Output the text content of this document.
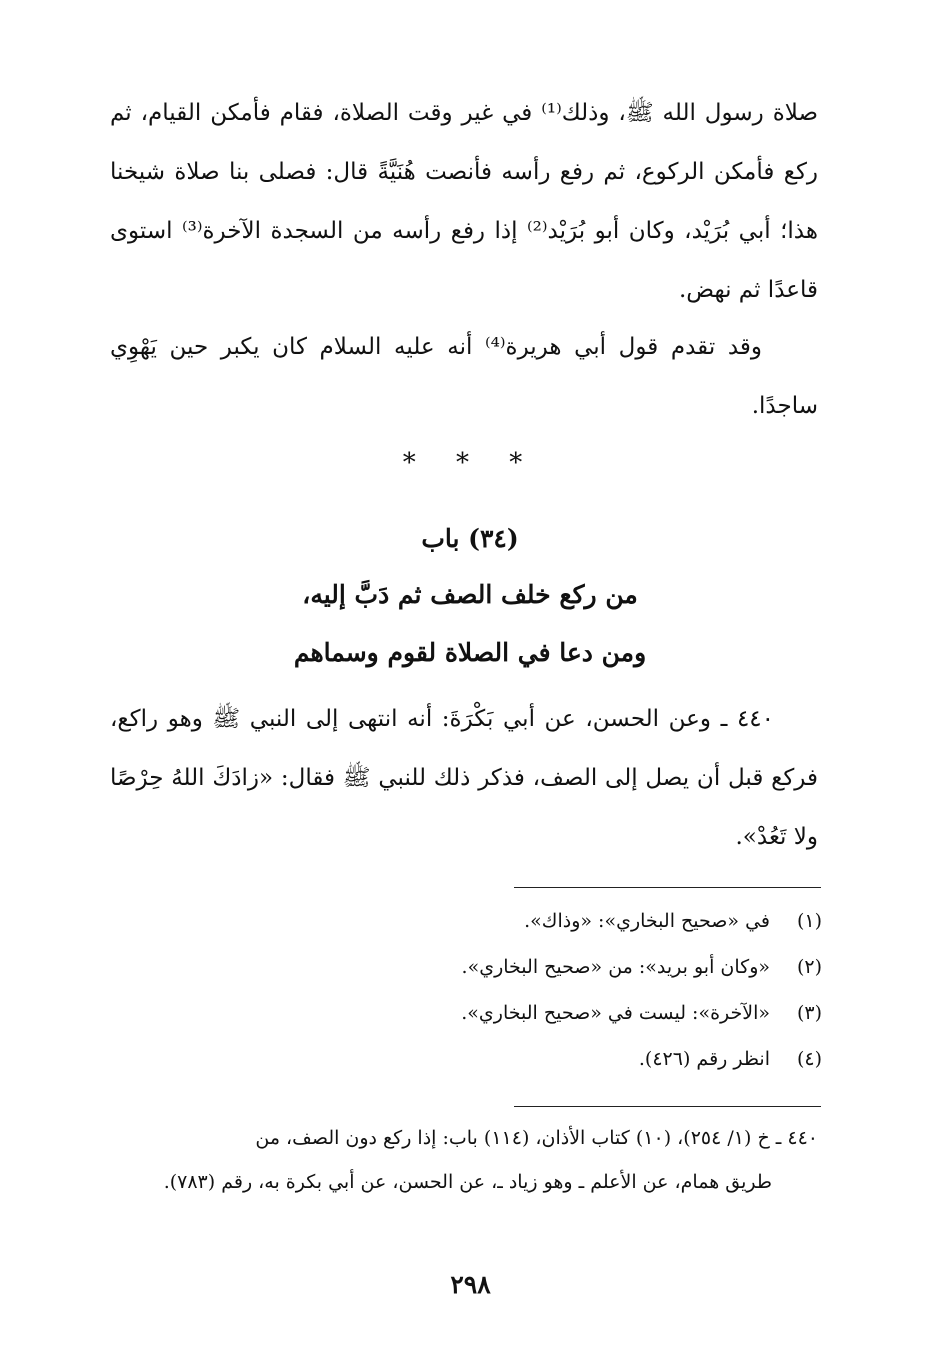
صلاة رسول الله ﷺ، وذلك⁽¹⁾ في غير وقت الصلاة، فقام فأمكن القيام، ثم ركع فأمكن الركوع، ثم رفع رأسه فأنصت هُنَيَّةً قال: فصلى بنا صلاة شيخنا هذا؛ أبي بُرَيْد، وكان أبو بُرَيْد⁽²⁾ إذا رفع رأسه من السجدة الآخرة⁽³⁾ استوى قاعدًا ثم نهض.
وقد تقدم قول أبي هريرة⁽⁴⁾ أنه عليه السلام كان يكبر حين يَهْوِي ساجدًا.
* * *
(٣٤) باب
من ركع خلف الصف ثم دَبَّ إليه،
ومن دعا في الصلاة لقوم وسماهم
٤٤٠ ـ وعن الحسن، عن أبي بَكْرَةَ: أنه انتهى إلى النبي ﷺ وهو راكع، فركع قبل أن يصل إلى الصف، فذكر ذلك للنبي ﷺ فقال: «زادَكَ اللهُ حِرْصًا ولا تَعُدْ».
(١)في «صحيح البخاري»: «وذاك».
(٢)«وكان أبو بريد»: من «صحيح البخاري».
(٣)«الآخرة»: ليست في «صحيح البخاري».
(٤)انظر رقم (٤٢٦).
٤٤٠ ـ خ (١/ ٢٥٤)، (١٠) كتاب الأذان، (١١٤) باب: إذا ركع دون الصف، من
طريق همام، عن الأعلم ـ وهو زياد ـ، عن الحسن، عن أبي بكرة به، رقم (٧٨٣).
٢٩٨
